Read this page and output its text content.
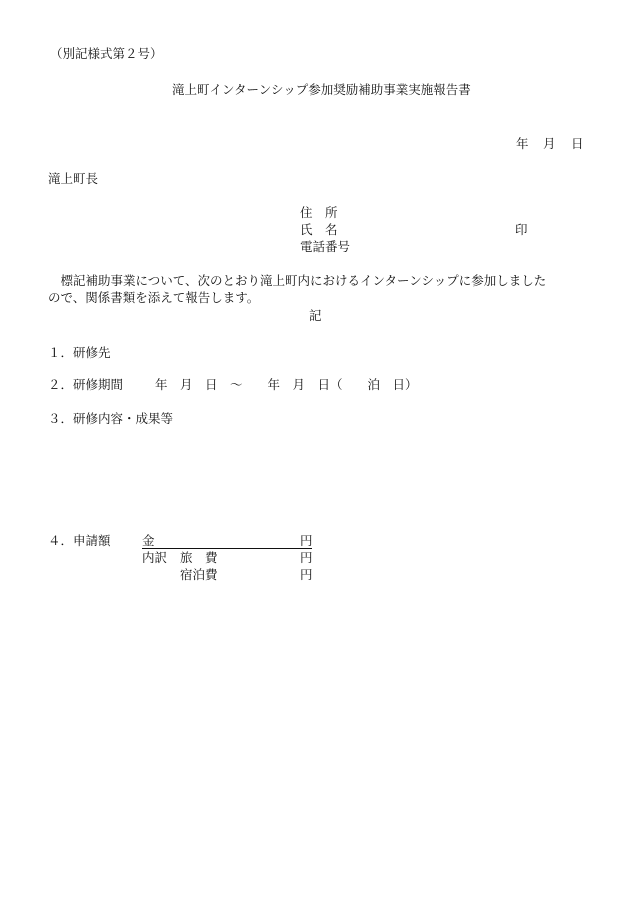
（別記様式第２号）
滝上町インターンシップ参加奨励補助事業実施報告書
年 月 日
滝上町長
住　所
氏　名	印
電話番号
　標記補助事業について、次のとおり滝上町内におけるインターンシップに参加しました
ので、関係書類を添えて報告します。
記
１．研修先
２．研修期間	年　月　日　～　　年　月　日（　　泊　日）
３．研修内容・成果等
４．申請額	金	円
内訳 旅　費	円
宿泊費	円
